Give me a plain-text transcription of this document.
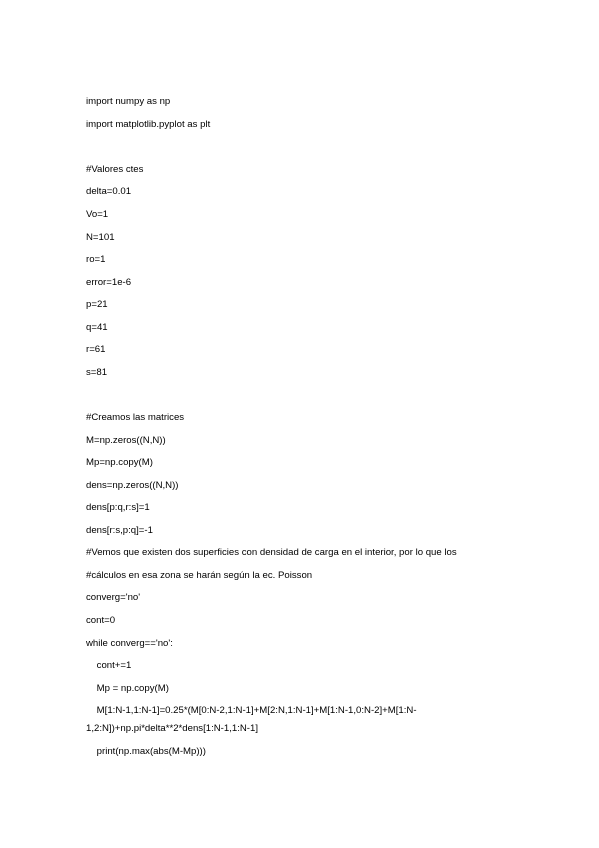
import numpy as np

import matplotlib.pyplot as plt

#Valores ctes

delta=0.01

Vo=1

N=101

ro=1

error=1e-6

p=21

q=41

r=61

s=81

#Creamos las matrices

M=np.zeros((N,N))

Mp=np.copy(M)

dens=np.zeros((N,N))

dens[p:q,r:s]=1

dens[r:s,p:q]=-1

#Vemos que existen dos superficies con densidad de carga en el interior, por lo que los

#cálculos en esa zona se harán según la ec. Poisson

converg='no'

cont=0

while converg=='no':

cont+=1

Mp = np.copy(M)

M[1:N-1,1:N-1]=0.25*(M[0:N-2,1:N-1]+M[2:N,1:N-1]+M[1:N-1,0:N-2]+M[1:N-

1,2:N])+np.pi*delta**2*dens[1:N-1,1:N-1]

print(np.max(abs(M-Mp)))
